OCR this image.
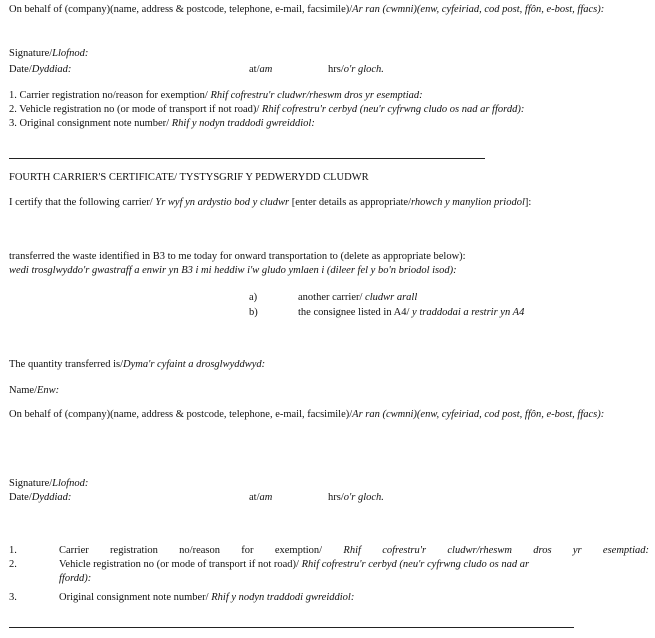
On behalf of (company)(name, address & postcode, telephone, e-mail, facsimile)/Ar ran (cwmni)(enw, cyfeiriad, cod post, ffôn, e-bost, ffacs):
Signature/Llofnod:
Date/Dyddiad:	at/am	hrs/o'r gloch.
1. Carrier registration no/reason for exemption/ Rhif cofrestru'r cludwr/rheswm dros yr esemptiad:
2. Vehicle registration no (or mode of transport if not road)/ Rhif cofrestru'r cerbyd (neu'r cyfrwng cludo os nad ar ffordd):
3. Original consignment note number/ Rhif y nodyn traddodi gwreiddiol:
FOURTH CARRIER'S CERTIFICATE/ TYSTYSGRIF Y PEDWERYDD CLUDWR
I certify that the following carrier/ Yr wyf yn ardystio bod y cludwr [enter details as appropriate/rhowch y manylion priodol]:
transferred the waste identified in B3 to me today for onward transportation to (delete as appropriate below):
wedi trosglwyddo'r gwastraff a enwir yn B3 i mi heddiw i'w gludo ymlaen i (dileer fel y bo'n briodol isod):
a)	another carrier/ cludwr arall
b)	the consignee listed in A4/ y traddodai a restrir yn A4
The quantity transferred is/Dyma'r cyfaint a drosglwyddwyd:
Name/Enw:
On behalf of (company)(name, address & postcode, telephone, e-mail, facsimile)/Ar ran (cwmni)(enw, cyfeiriad, cod post, ffôn, e-bost, ffacs):
Signature/Llofnod:
Date/Dyddiad:	at/am	hrs/o'r gloch.
1.	Carrier registration no/reason for exemption/ Rhif cofrestru'r cludwr/rheswm dros yr esemptiad:
2.	Vehicle registration no (or mode of transport if not road)/ Rhif cofrestru'r cerbyd (neu'r cyfrwng cludo os nad ar
ffordd):
3.	Original consignment note number/ Rhif y nodyn traddodi gwreiddiol:
